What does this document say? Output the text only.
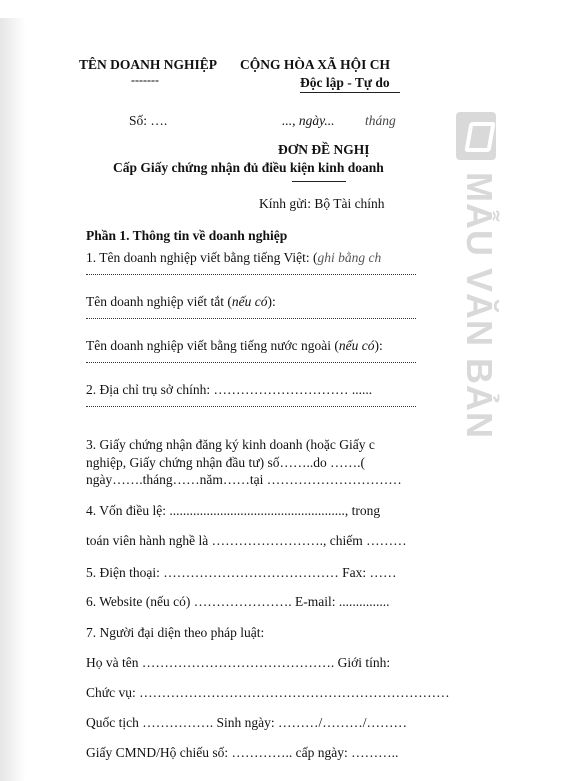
TÊN DOANH NGHIỆP
-------
CỘNG HÒA XÃ HỘI CH
Độc lập - Tự do
Số: ….	..., ngày... tháng
ĐƠN ĐỀ NGHỊ
Cấp Giấy chứng nhận đủ điều kiện kinh doanh
Kính gửi: Bộ Tài chính
Phần 1. Thông tin về doanh nghiệp
1. Tên doanh nghiệp viết bằng tiếng Việt: (ghi bằng ch
Tên doanh nghiệp viết tắt (nếu có):
Tên doanh nghiệp viết bằng tiếng nước ngoài (nếu có):
2. Địa chỉ trụ sở chính: ………………………… ......
3. Giấy chứng nhận đăng ký kinh doanh (hoặc Giấy c
nghiệp, Giấy chứng nhận đầu tư) số……..do …….(
ngày…….tháng……năm……tại …………………………
4. Vốn điều lệ: ...................................................., trong
toán viên hành nghề là ……………………., chiếm ………
5. Điện thoại: ………………………………… Fax: ……
6. Website (nếu có) …………………. E-mail: ...............
7. Người đại diện theo pháp luật:
Họ và tên ……………………………………. Giới tính:
Chức vụ: ……………………………………………………………
Quốc tịch ……………. Sinh ngày: ………/………/………
Giấy CMND/Hộ chiếu số: ………….. cấp ngày: ………..
MẪU VĂN BẢN
